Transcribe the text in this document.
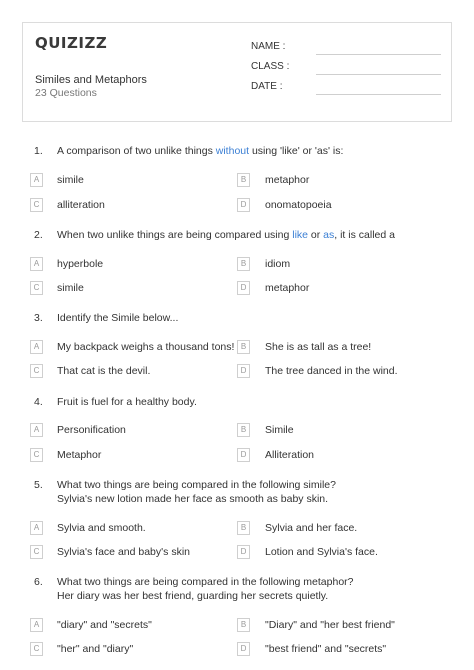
QUIZIZZ
Similes and Metaphors
23 Questions
NAME :
CLASS :
DATE :
1. A comparison of two unlike things without using 'like' or 'as' is:
A	simile	B	metaphor
C	alliteration	D	onomatopoeia
2. When two unlike things are being compared using like or as, it is called a
A	hyperbole	B	idiom
C	simile	D	metaphor
3. Identify the Simile below...
A	My backpack weighs a thousand tons! B	She is as tall as a tree!
C	That cat is the devil.	D	The tree danced in the wind.
4. Fruit is fuel for a healthy body.
A	Personification	B	Simile
C	Metaphor	D	Alliteration
5. What two things are being compared in the following simile?
Sylvia's new lotion made her face as smooth as baby skin.
A	Sylvia and smooth.	B	Sylvia and her face.
C	Sylvia's face and baby's skin	D	Lotion and Sylvia's face.
6. What two things are being compared in the following metaphor?
Her diary was her best friend, guarding her secrets quietly.
A	"diary" and "secrets"	B	"Diary" and "her best friend"
C	"her" and "diary"	D	"best friend" and "secrets"
